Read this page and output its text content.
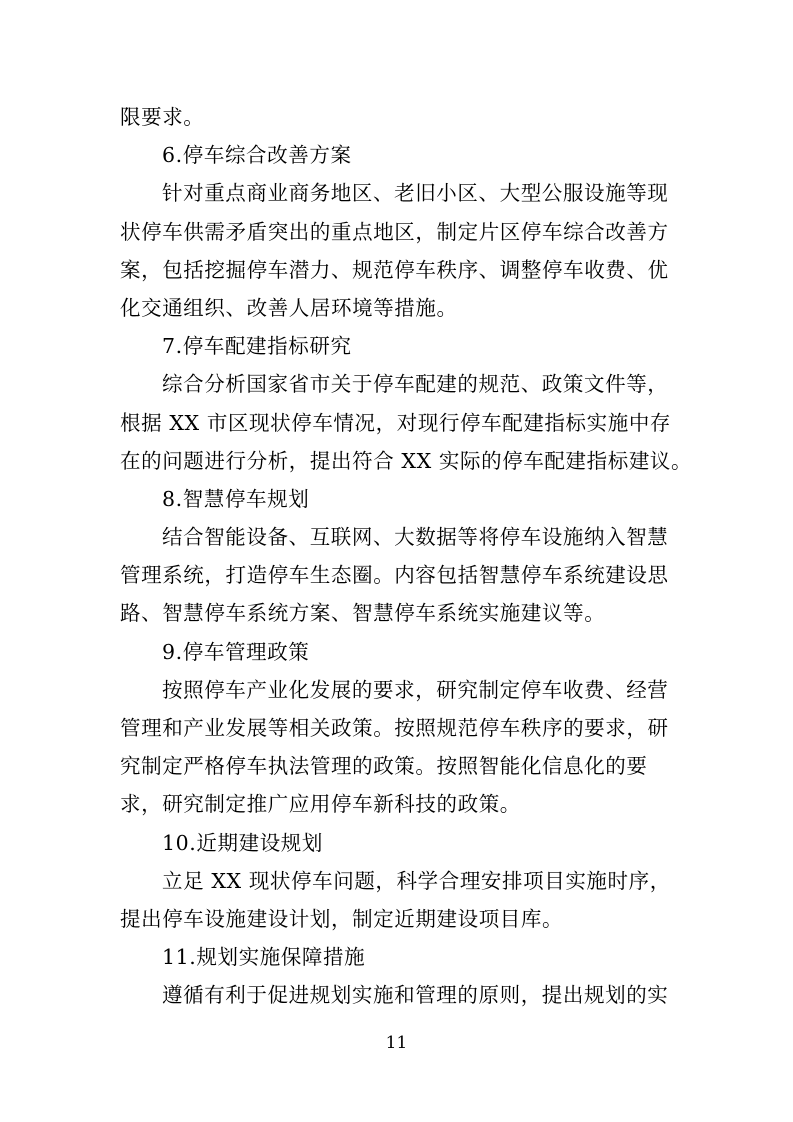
限要求。
6.停车综合改善方案
针对重点商业商务地区、老旧小区、大型公服设施等现
状停车供需矛盾突出的重点地区，制定片区停车综合改善方
案，包括挖掘停车潜力、规范停车秩序、调整停车收费、优
化交通组织、改善人居环境等措施。
7.停车配建指标研究
综合分析国家省市关于停车配建的规范、政策文件等，
根据 XX 市区现状停车情况，对现行停车配建指标实施中存
在的问题进行分析，提出符合 XX 实际的停车配建指标建议。
8.智慧停车规划
结合智能设备、互联网、大数据等将停车设施纳入智慧
管理系统，打造停车生态圈。内容包括智慧停车系统建设思
路、智慧停车系统方案、智慧停车系统实施建议等。
9.停车管理政策
按照停车产业化发展的要求，研究制定停车收费、经营
管理和产业发展等相关政策。按照规范停车秩序的要求，研
究制定严格停车执法管理的政策。按照智能化信息化的要
求，研究制定推广应用停车新科技的政策。
10.近期建设规划
立足 XX 现状停车问题，科学合理安排项目实施时序，
提出停车设施建设计划，制定近期建设项目库。
11.规划实施保障措施
遵循有利于促进规划实施和管理的原则，提出规划的实
11
